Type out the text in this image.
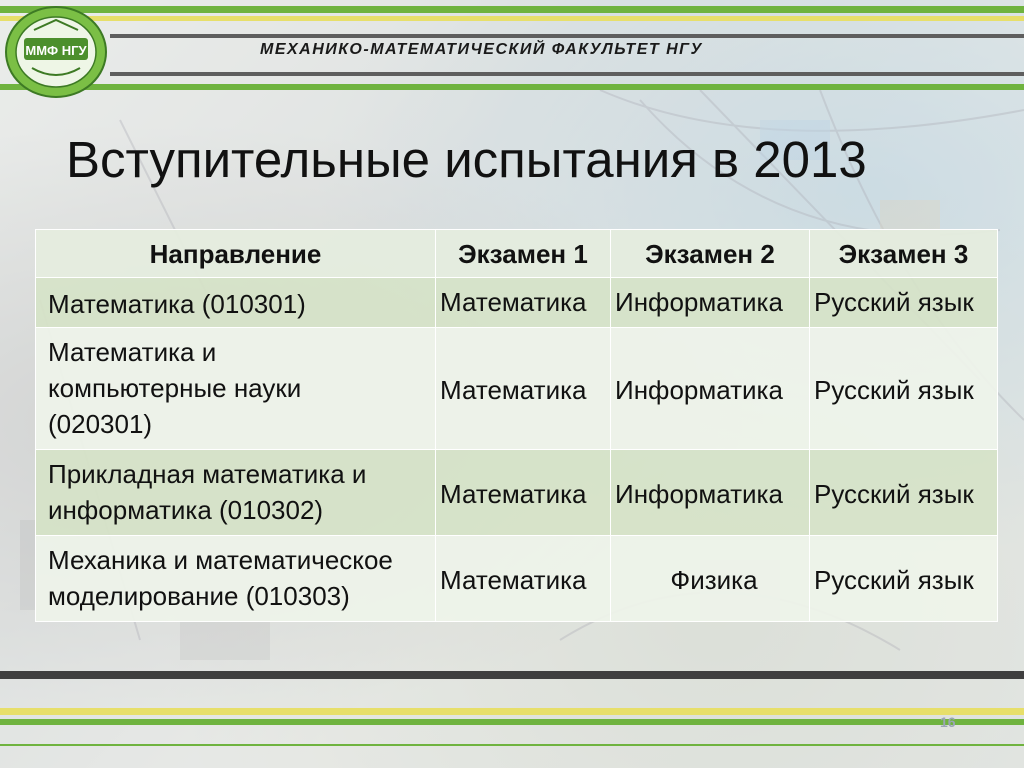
ММФ НГУ	МЕХАНИКО-МАТЕМАТИЧЕСКИЙ ФАКУЛЬТЕТ НГУ
Вступительные испытания в 2013
Направление	Экзамен 1	Экзамен 2	Экзамен 3
Математика (010301)	Математика	Информатика	Русский язык

Математика и
компьютерные науки
(020301)	Математика	Информатика	Русский язык

Прикладная математика и
информатика (010302)	Математика	Информатика	Русский язык

Механика и математическое
моделирование (010303)	Математика	Физика	Русский язык
16
